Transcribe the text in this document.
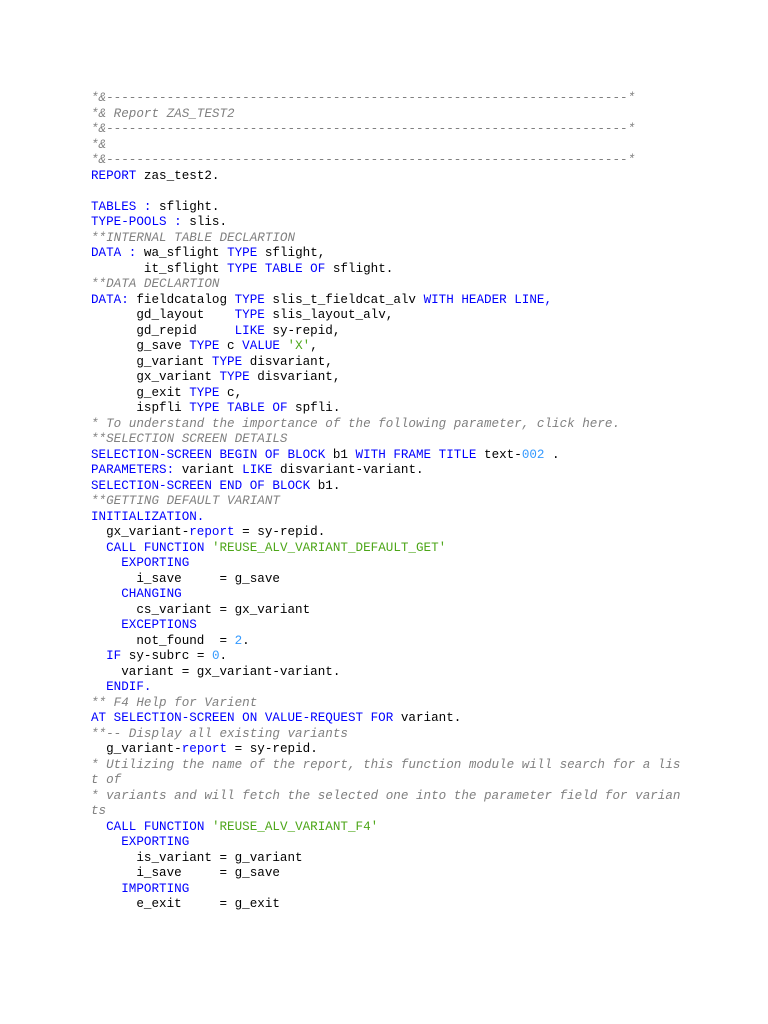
*&---------------------------------------------------------------------*
*& Report ZAS_TEST2
*&---------------------------------------------------------------------*
*&
*&---------------------------------------------------------------------*
REPORT zas_test2.
TABLES : sflight.
TYPE-POOLS : slis.
**INTERNAL TABLE DECLARTION
DATA : wa_sflight TYPE sflight,
it_sflight TYPE TABLE OF sflight.
**DATA DECLARTION
DATA: fieldcatalog TYPE slis_t_fieldcat_alv WITH HEADER LINE,
gd_layout    TYPE slis_layout_alv,
gd_repid     LIKE sy-repid,
g_save TYPE c VALUE 'X',
g_variant TYPE disvariant,
gx_variant TYPE disvariant,
g_exit TYPE c,
ispfli TYPE TABLE OF spfli.
* To understand the importance of the following parameter, click here.
**SELECTION SCREEN DETAILS
SELECTION-SCREEN BEGIN OF BLOCK b1 WITH FRAME TITLE text-002 .
PARAMETERS: variant LIKE disvariant-variant.
SELECTION-SCREEN END OF BLOCK b1.
**GETTING DEFAULT VARIANT
INITIALIZATION.
gx_variant-report = sy-repid.
CALL FUNCTION 'REUSE_ALV_VARIANT_DEFAULT_GET'
EXPORTING
i_save     = g_save
CHANGING
cs_variant = gx_variant
EXCEPTIONS
not_found  = 2.
IF sy-subrc = 0.
variant = gx_variant-variant.
ENDIF.
** F4 Help for Varient
AT SELECTION-SCREEN ON VALUE-REQUEST FOR variant.
**-- Display all existing variants
g_variant-report = sy-repid.
* Utilizing the name of the report, this function module will search for a lis
t of
* variants and will fetch the selected one into the parameter field for varian
ts
CALL FUNCTION 'REUSE_ALV_VARIANT_F4'
EXPORTING
is_variant = g_variant
i_save     = g_save
IMPORTING
e_exit     = g_exit
